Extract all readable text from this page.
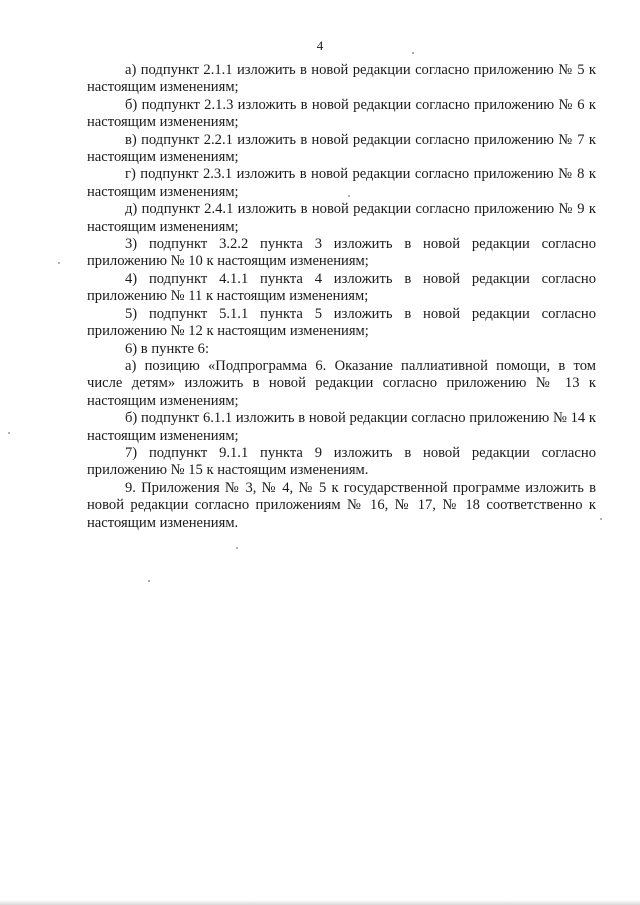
4

а) подпункт 2.1.1 изложить в новой редакции согласно приложению № 5 к настоящим изменениям;

б) подпункт 2.1.3 изложить в новой редакции согласно приложению № 6 к настоящим изменениям;

в) подпункт 2.2.1 изложить в новой редакции согласно приложению № 7 к настоящим изменениям;

г) подпункт 2.3.1 изложить в новой редакции согласно приложению № 8 к настоящим изменениям;

д) подпункт 2.4.1 изложить в новой редакции согласно приложению № 9 к настоящим изменениям;

3) подпункт 3.2.2 пункта 3 изложить в новой редакции согласно приложению № 10 к настоящим изменениям;

4) подпункт 4.1.1 пункта 4 изложить в новой редакции согласно приложению № 11 к настоящим изменениям;

5) подпункт 5.1.1 пункта 5 изложить в новой редакции согласно приложению № 12 к настоящим изменениям;

6) в пункте 6:

а) позицию «Подпрограмма 6. Оказание паллиативной помощи, в том числе детям» изложить в новой редакции согласно приложению № 13 к настоящим изменениям;

б) подпункт 6.1.1 изложить в новой редакции согласно приложению № 14 к настоящим изменениям;

7) подпункт 9.1.1 пункта 9 изложить в новой редакции согласно приложению № 15 к настоящим изменениям.

9. Приложения № 3, № 4, № 5 к государственной программе изложить в новой редакции согласно приложениям № 16, № 17, № 18 соответственно к настоящим изменениям.
